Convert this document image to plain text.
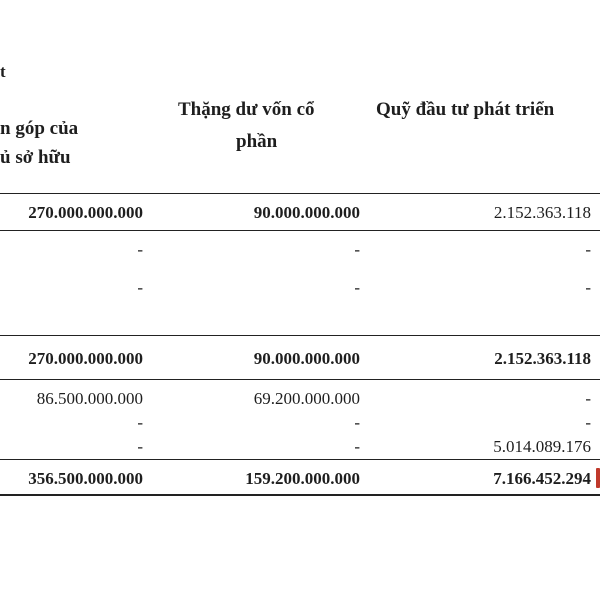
t
n góp của
ủ sở hữu
Thặng dư vốn cổ
phần
Quỹ đầu tư phát triển
270.000.000.000	90.000.000.000	2.152.363.118
-	-	-
-	-	-
270.000.000.000	90.000.000.000	2.152.363.118
86.500.000.000	69.200.000.000	-
-	-	-
-	-	5.014.089.176
356.500.000.000	159.200.000.000	7.166.452.294
